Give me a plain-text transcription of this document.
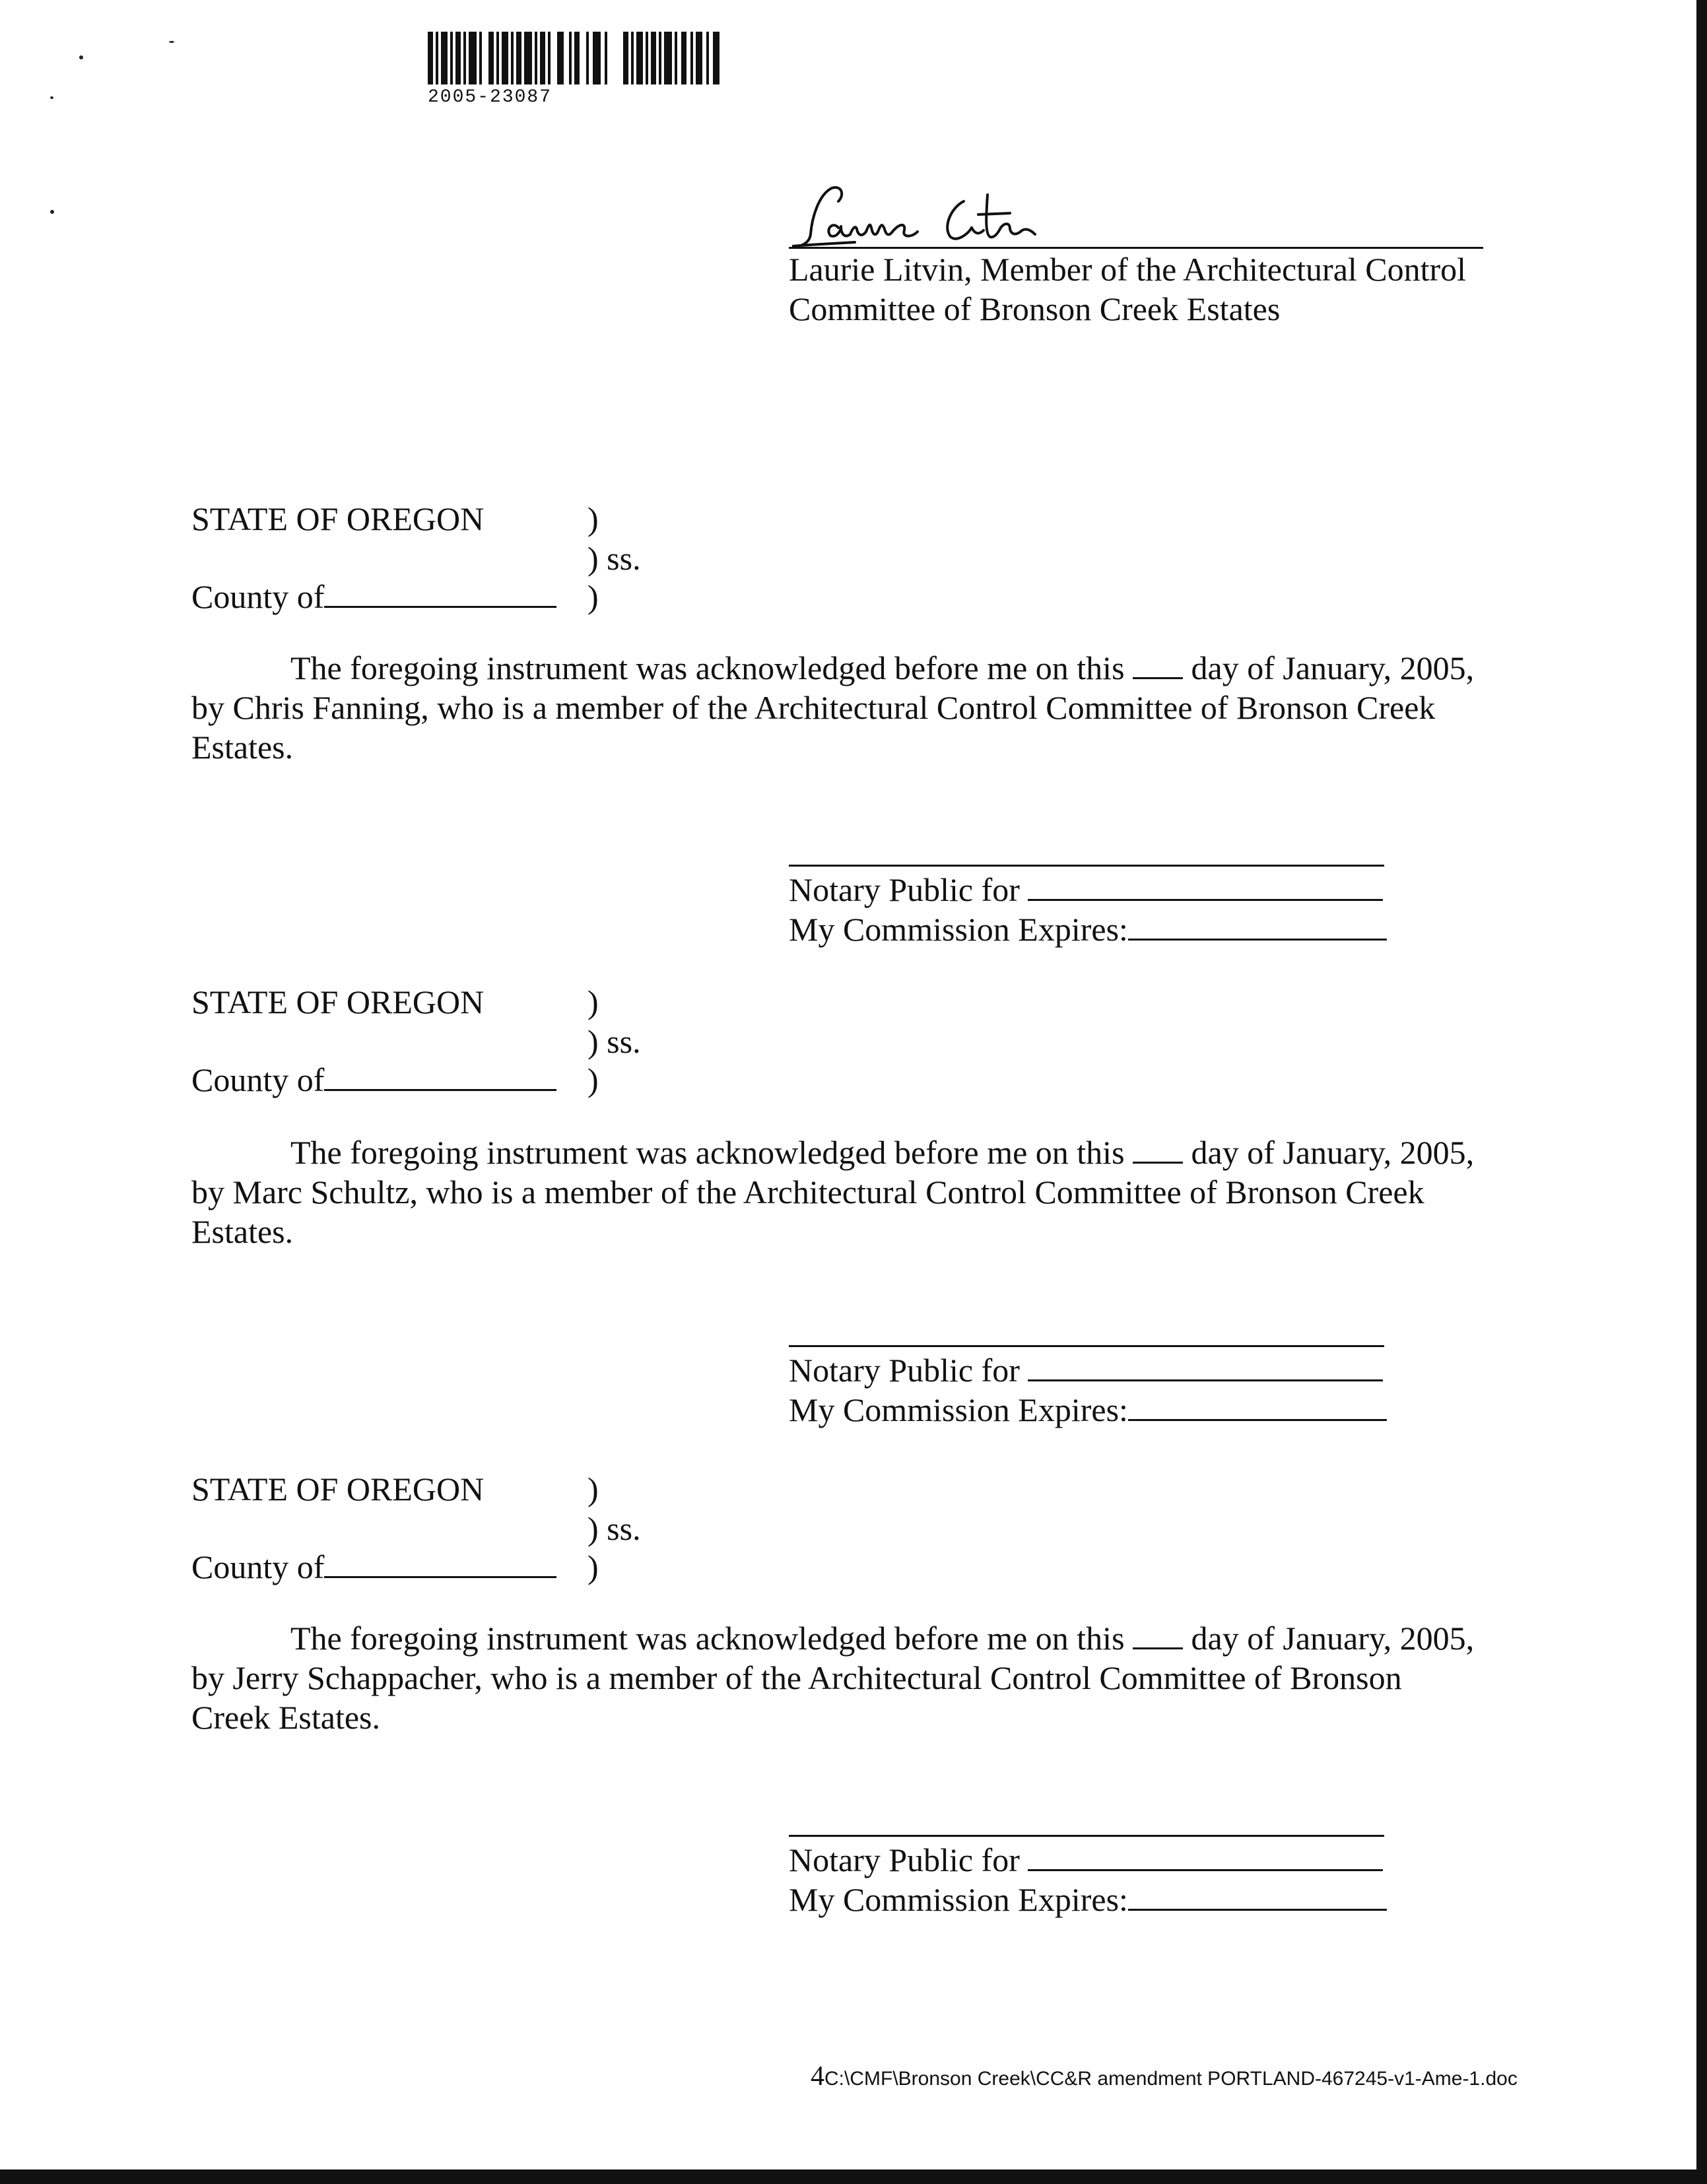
2005-23087
Laurie Litvin, Member of the Architectural Control
Committee of Bronson Creek Estates
STATE OF OREGON	)
) ss.
County of	)
The foregoing instrument was acknowledged before me on this day of January, 2005,
by Chris Fanning, who is a member of the Architectural Control Committee of Bronson Creek
Estates.
Notary Public for
My Commission Expires:
STATE OF OREGON	)
) ss.
County of	)
The foregoing instrument was acknowledged before me on this day of January, 2005,
by Marc Schultz, who is a member of the Architectural Control Committee of Bronson Creek
Estates.
Notary Public for
My Commission Expires:
STATE OF OREGON	)
) ss.
County of	)
The foregoing instrument was acknowledged before me on this day of January, 2005,
by Jerry Schappacher, who is a member of the Architectural Control Committee of Bronson
Creek Estates.
Notary Public for
My Commission Expires:
4C:\CMF\Bronson Creek\CC&R amendment PORTLAND-467245-v1-Ame-1.doc
